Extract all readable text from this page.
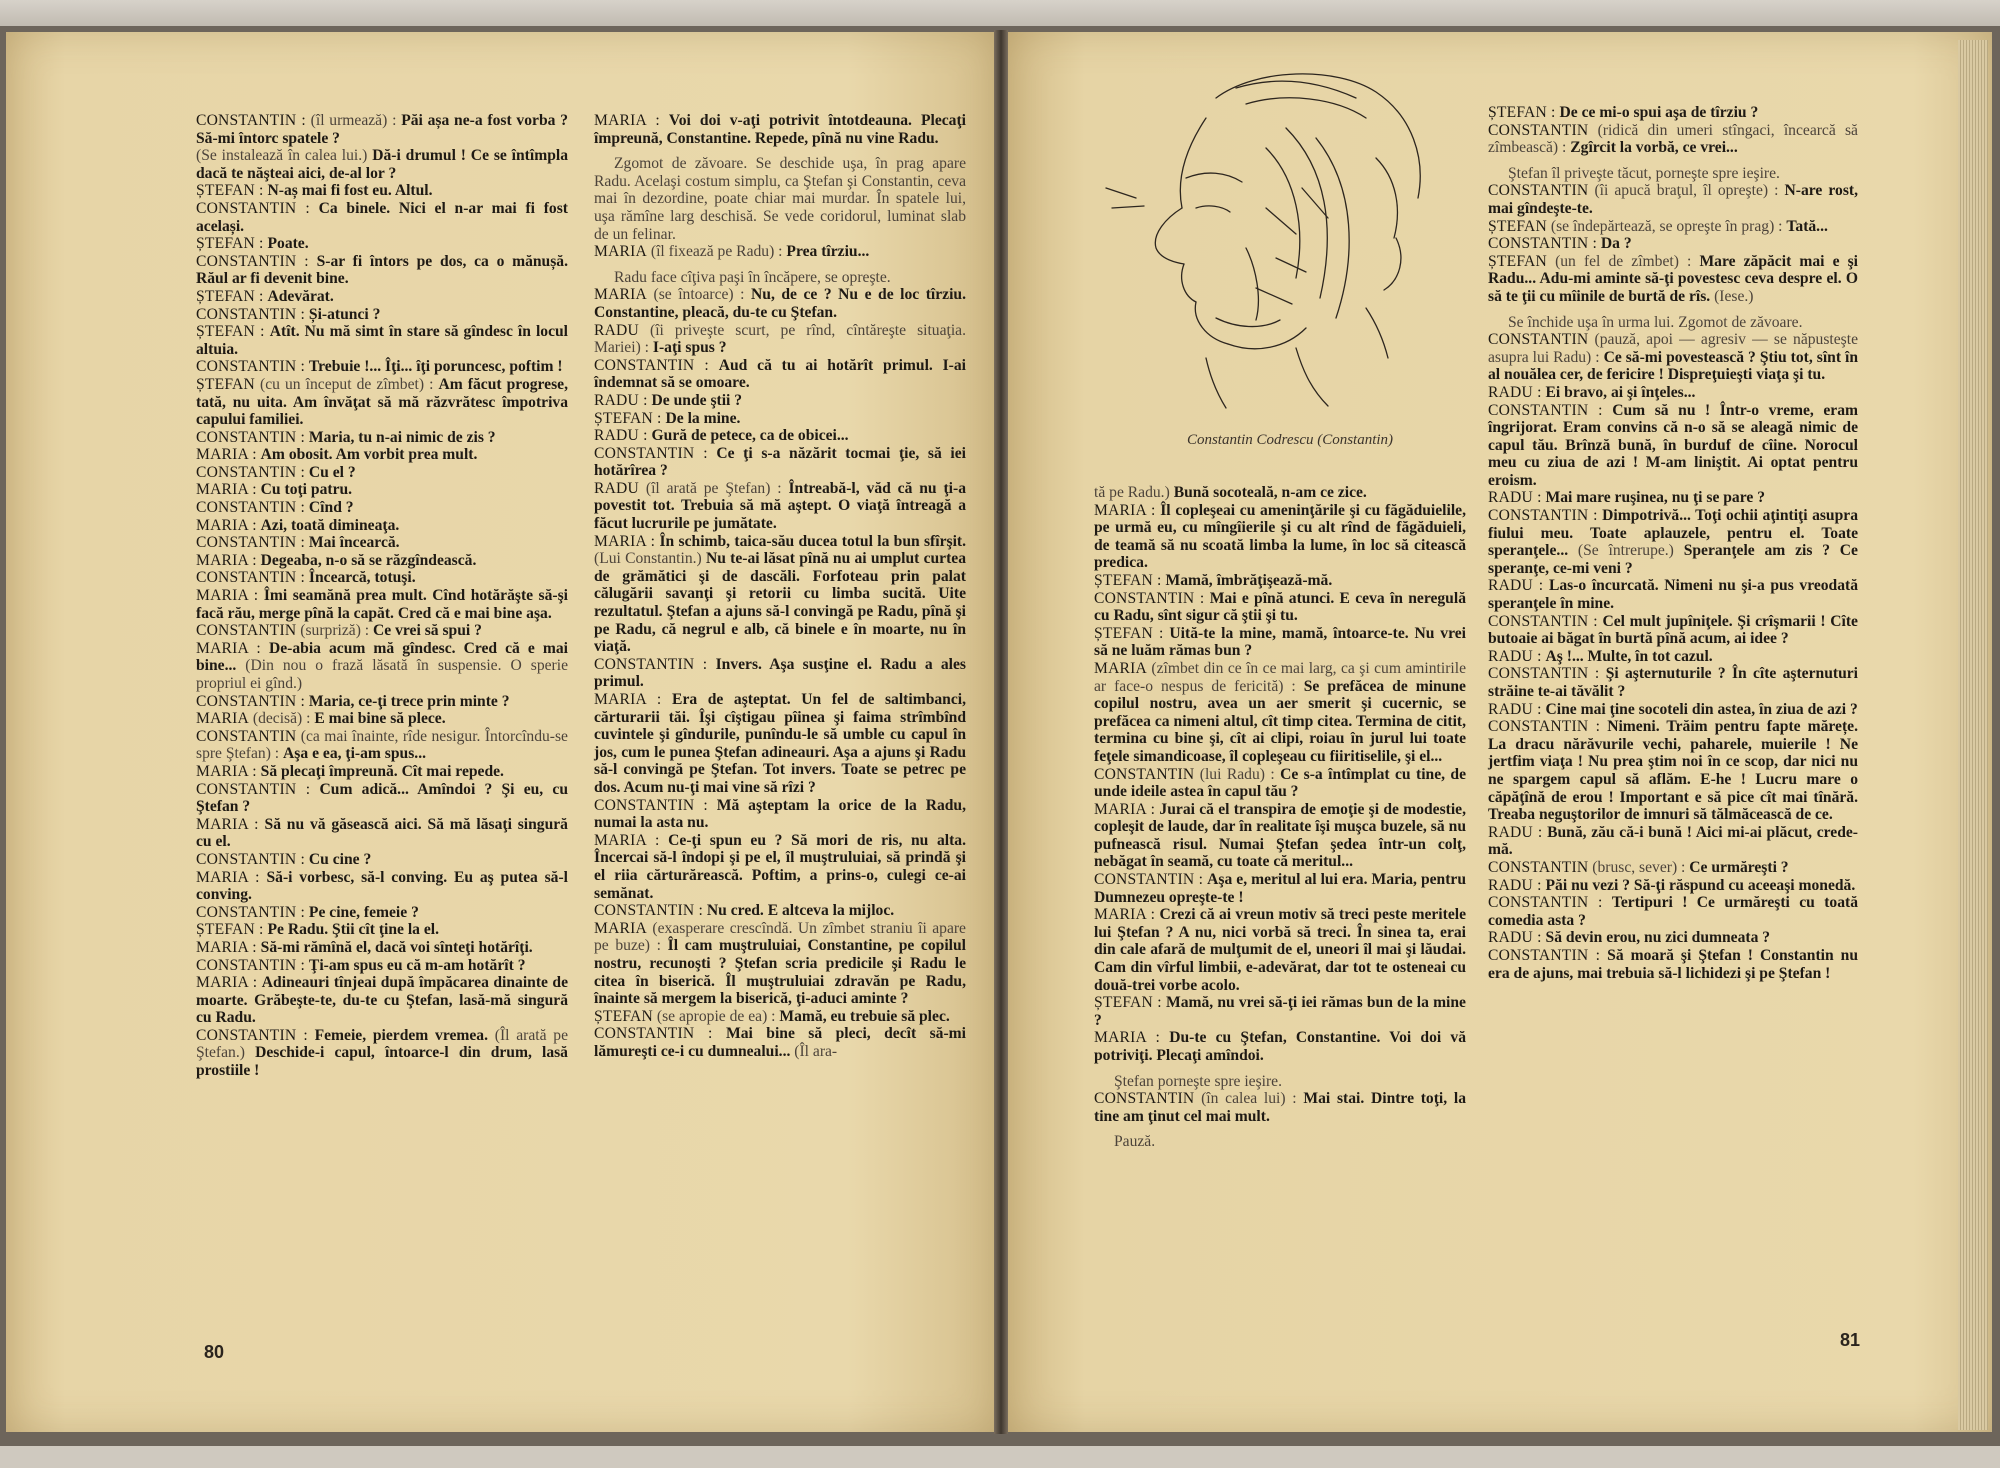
CONSTANTIN : (îl urmează) : Păi așa ne-a fost vorba ? Să-mi întorc spatele ?

(Se instalează în calea lui.) Dă-i drumul ! Ce se întîmpla dacă te năşteai aici, de-al lor ?

ȘTEFAN : N-aș mai fi fost eu. Altul.

CONSTANTIN : Ca binele. Nici el n-ar mai fi fost același.

ȘTEFAN : Poate.

CONSTANTIN : S-ar fi întors pe dos, ca o mănușă. Răul ar fi devenit bine.

ȘTEFAN : Adevărat.

CONSTANTIN : Și-atunci ?

ȘTEFAN : Atît. Nu mă simt în stare să gîndesc în locul altuia.

CONSTANTIN : Trebuie !... Îţi... îţi poruncesc, poftim !

ȘTEFAN (cu un început de zîmbet) : Am făcut progrese, tată, nu uita. Am învăţat să mă răzvrătesc împotriva capului familiei.

CONSTANTIN : Maria, tu n-ai nimic de zis ?

MARIA : Am obosit. Am vorbit prea mult.

CONSTANTIN : Cu el ?

MARIA : Cu toţi patru.

CONSTANTIN : Cînd ?

MARIA : Azi, toată dimineaţa.

CONSTANTIN : Mai încearcă.

MARIA : Degeaba, n-o să se răzgîndească.

CONSTANTIN : Încearcă, totuşi.

MARIA : Îmi seamănă prea mult. Cînd hotărăşte să-şi facă rău, merge pînă la capăt. Cred că e mai bine aşa.

CONSTANTIN (surpriză) : Ce vrei să spui ?

MARIA : De-abia acum mă gîndesc. Cred că e mai bine... (Din nou o frază lăsată în suspensie. O sperie propriul ei gînd.)

CONSTANTIN : Maria, ce-ţi trece prin minte ?

MARIA (decisă) : E mai bine să plece.

CONSTANTIN (ca mai înainte, rîde nesigur. Întorcîndu-se spre Ştefan) : Aşa e ea, ţi-am spus...

MARIA : Să plecaţi împreună. Cît mai repede.

CONSTANTIN : Cum adică... Amîndoi ? Şi eu, cu Ştefan ?

MARIA : Să nu vă găsească aici. Să mă lăsaţi singură cu el.

CONSTANTIN : Cu cine ?

MARIA : Să-i vorbesc, să-l conving. Eu aş putea să-l conving.

CONSTANTIN : Pe cine, femeie ?

ȘTEFAN : Pe Radu. Ştii cît ţine la el.

MARIA : Să-mi rămînă el, dacă voi sînteţi hotărîţi.

CONSTANTIN : Ţi-am spus eu că m-am hotărît ?

MARIA : Adineauri tînjeai după împăcarea dinainte de moarte. Grăbeşte-te, du-te cu Ştefan, lasă-mă singură cu Radu.

CONSTANTIN : Femeie, pierdem vremea. (Îl arată pe Ştefan.) Deschide-i capul, întoarce-l din drum, lasă prostiile !

MARIA : Voi doi v-aţi potrivit întotdeauna. Plecaţi împreună, Constantine. Repede, pînă nu vine Radu.

Zgomot de zăvoare. Se deschide uşa, în prag apare Radu. Acelaşi costum simplu, ca Ştefan şi Constantin, ceva mai în dezordine, poate chiar mai murdar. În spatele lui, uşa rămîne larg deschisă. Se vede coridorul, luminat slab de un felinar.

MARIA (îl fixează pe Radu) : Prea tîrziu...

Radu face cîţiva paşi în încăpere, se opreşte.

MARIA (se întoarce) : Nu, de ce ? Nu e de loc tîrziu. Constantine, pleacă, du-te cu Ştefan.

RADU (îi priveşte scurt, pe rînd, cîntăreşte situaţia. Mariei) : I-aţi spus ?

CONSTANTIN : Aud că tu ai hotărît primul. I-ai îndemnat să se omoare.

RADU : De unde ştii ?

ȘTEFAN : De la mine.

RADU : Gură de petece, ca de obicei...

CONSTANTIN : Ce ţi s-a năzărit tocmai ţie, să iei hotărîrea ?

RADU (îl arată pe Ştefan) : Întreabă-l, văd că nu ţi-a povestit tot. Trebuia să mă aştept. O viaţă întreagă a făcut lucrurile pe jumătate.

MARIA : În schimb, taica-său ducea totul la bun sfîrşit. (Lui Constantin.) Nu te-ai lăsat pînă nu ai umplut curtea de grămătici şi de dascăli. Forfoteau prin palat călugării savanţi şi retorii cu limba sucită. Uite rezultatul. Ştefan a ajuns să-l convingă pe Radu, pînă şi pe Radu, că negrul e alb, că binele e în moarte, nu în viaţă.

CONSTANTIN : Invers. Aşa susţine el. Radu a ales primul.

MARIA : Era de aşteptat. Un fel de saltimbanci, cărturarii tăi. Îşi cîştigau pîinea şi faima strîmbînd cuvintele şi gîndurile, punîndu-le să umble cu capul în jos, cum le punea Ştefan adineauri. Aşa a ajuns şi Radu să-l convingă pe Ştefan. Tot invers. Toate se petrec pe dos. Acum nu-ţi mai vine să rîzi ?

CONSTANTIN : Mă aşteptam la orice de la Radu, numai la asta nu.

MARIA : Ce-ţi spun eu ? Să mori de ris, nu alta. Încercai să-l îndopi şi pe el, îl muştruluiai, să prindă şi el riia cărturărească. Poftim, a prins-o, culegi ce-ai semănat.

CONSTANTIN : Nu cred. E altceva la mijloc.

MARIA (exasperare crescîndă. Un zîmbet straniu îi apare pe buze) : Îl cam muştruluiai, Constantine, pe copilul nostru, recunoşti ? Ştefan scria predicile şi Radu le citea în biserică. Îl muştruluiai zdravăn pe Radu, înainte să mergem la biserică, ţi-aduci aminte ?

ȘTEFAN (se apropie de ea) : Mamă, eu trebuie să plec.

CONSTANTIN : Mai bine să pleci, decît să-mi lămureşti ce-i cu dumnealui... (Îl ara-

tă pe Radu.) Bună socoteală, n-am ce zice.

MARIA : Îl copleşeai cu ameninţările şi cu făgăduielile, pe urmă eu, cu mîngîierile şi cu alt rînd de făgăduieli, de teamă să nu scoată limba la lume, în loc să citească predica.

ȘTEFAN : Mamă, îmbrăţişează-mă.

CONSTANTIN : Mai e pînă atunci. E ceva în neregulă cu Radu, sînt sigur că ştii şi tu.

ȘTEFAN : Uită-te la mine, mamă, întoarce-te. Nu vrei să ne luăm rămas bun ?

MARIA (zîmbet din ce în ce mai larg, ca şi cum amintirile ar face-o nespus de fericită) : Se prefăcea de minune copilul nostru, avea un aer smerit şi cucernic, se prefăcea ca nimeni altul, cît timp citea. Termina de citit, termina cu bine şi, cît ai clipi, roiau în jurul lui toate feţele simandicoase, îl copleşeau cu fiiritiselile, şi el...

CONSTANTIN (lui Radu) : Ce s-a întîmplat cu tine, de unde ideile astea în capul tău ?

MARIA : Jurai că el transpira de emoţie şi de modestie, copleşit de laude, dar în realitate îşi muşca buzele, să nu pufnească risul. Numai Ştefan şedea într-un colţ, nebăgat în seamă, cu toate că meritul...

CONSTANTIN : Aşa e, meritul al lui era. Maria, pentru Dumnezeu opreşte-te !

MARIA : Crezi că ai vreun motiv să treci peste meritele lui Ştefan ? A nu, nici vorbă să treci. În sinea ta, erai din cale afară de mulţumit de el, uneori îl mai şi lăudai. Cam din vîrful limbii, e-adevărat, dar tot te osteneai cu două-trei vorbe acolo.

ȘTEFAN : Mamă, nu vrei să-ţi iei rămas bun de la mine ?

MARIA : Du-te cu Ştefan, Constantine. Voi doi vă potriviţi. Plecaţi amîndoi.

Ştefan porneşte spre ieşire.

CONSTANTIN (în calea lui) : Mai stai. Dintre toţi, la tine am ţinut cel mai mult.

Pauză.

ȘTEFAN : De ce mi-o spui aşa de tîrziu ?

CONSTANTIN (ridică din umeri stîngaci, încearcă să zîmbească) : Zgîrcit la vorbă, ce vrei...

Ştefan îl priveşte tăcut, porneşte spre ieşire.

CONSTANTIN (îi apucă braţul, îl opreşte) : N-are rost, mai gîndeşte-te.

ȘTEFAN (se îndepărtează, se opreşte în prag) : Tată...

CONSTANTIN : Da ?

ȘTEFAN (un fel de zîmbet) : Mare zăpăcit mai e şi Radu... Adu-mi aminte să-ţi povestesc ceva despre el. O să te ţii cu mîinile de burtă de rîs. (Iese.)

Se închide uşa în urma lui. Zgomot de zăvoare.

CONSTANTIN (pauză, apoi — agresiv — se năpusteşte asupra lui Radu) : Ce să-mi povestească ? Ştiu tot, sînt în al nouălea cer, de fericire ! Dispreţuieşti viaţa şi tu.

RADU : Ei bravo, ai şi înţeles...

CONSTANTIN : Cum să nu ! Într-o vreme, eram îngrijorat. Eram convins că n-o să se aleagă nimic de capul tău. Brînză bună, în burduf de cîine. Norocul meu cu ziua de azi ! M-am liniştit. Ai optat pentru eroism.

RADU : Mai mare ruşinea, nu ţi se pare ?

CONSTANTIN : Dimpotrivă... Toţi ochii aţintiţi asupra fiului meu. Toate aplauzele, pentru el. Toate speranţele... (Se întrerupe.) Speranţele am zis ? Ce speranţe, ce-mi veni ?

RADU : Las-o încurcată. Nimeni nu şi-a pus vreodată speranţele în mine.

CONSTANTIN : Cel mult jupîniţele. Şi crîşmarii ! Cîte butoaie ai băgat în burtă pînă acum, ai idee ?

RADU : Aş !... Multe, în tot cazul.

CONSTANTIN : Şi aşternuturile ? În cîte aşternuturi străine te-ai tăvălit ?

RADU : Cine mai ţine socoteli din astea, în ziua de azi ?

CONSTANTIN : Nimeni. Trăim pentru fapte mărețe. La dracu nărăvurile vechi, paharele, muierile ! Ne jertfim viaţa ! Nu prea ştim noi în ce scop, dar nici nu ne spargem capul să aflăm. E-he ! Lucru mare o căpăţînă de erou ! Important e să pice cît mai tînără. Treaba neguştorilor de imnuri să tălmăcească de ce.

RADU : Bună, zău că-i bună ! Aici mi-ai plăcut, crede-mă.

CONSTANTIN (brusc, sever) : Ce urmăreşti ?

RADU : Păi nu vezi ? Să-ţi răspund cu aceeaşi monedă.

CONSTANTIN : Tertipuri ! Ce urmăreşti cu toată comedia asta ?

RADU : Să devin erou, nu zici dumneata ?

CONSTANTIN : Să moară şi Ştefan ! Constantin nu era de ajuns, mai trebuia să-l lichidezi şi pe Ştefan !

80
81
Constantin Codrescu (Constantin)
